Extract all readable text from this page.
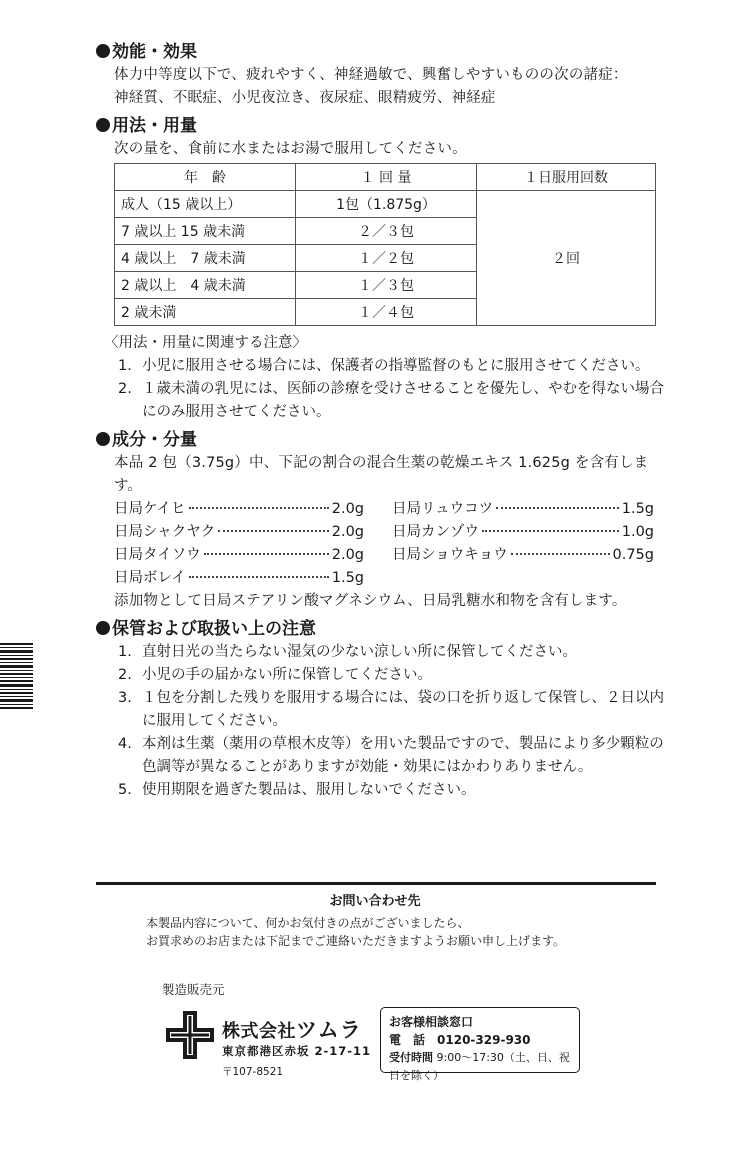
効能・効果

体力中等度以下で、疲れやすく、神経過敏で、興奮しやすいものの次の諸症：

神経質、不眠症、小児夜泣き、夜尿症、眼精疲労、神経症

用法・用量

次の量を、食前に水またはお湯で服用してください。

年　齢	１ 回 量	１日服用回数
成人（15 歳以上）	1包（1.875g）	２回
7 歳以上 15 歳未満	２／３包	
4 歳以上　7 歳未満	１／２包	
2 歳以上　4 歳未満	１／３包	
2 歳未満	１／４包	

〈用法・用量に関連する注意〉

1. 小児に服用させる場合には、保護者の指導監督のもとに服用させてください。
2. １歳未満の乳児には、医師の診療を受けさせることを優先し、やむを得ない場合にのみ服用させてください。
成分・分量

本品 2 包（3.75g）中、下記の割合の混合生薬の乾燥エキス 1.625g を含有します。

日局ケイヒ	2.0g 日局リュウコツ	1.5g
日局シャクヤク	2.0g 日局カンゾウ	1.0g
日局タイソウ	2.0g 日局ショウキョウ	0.75g
日局ボレイ	1.5g

添加物として日局ステアリン酸マグネシウム、日局乳糖水和物を含有します。

保管および取扱い上の注意
1. 直射日光の当たらない湿気の少ない涼しい所に保管してください。
2. 小児の手の届かない所に保管してください。
3. １包を分割した残りを服用する場合には、袋の口を折り返して保管し、２日以内に服用してください。
4. 本剤は生薬（薬用の草根木皮等）を用いた製品ですので、製品により多少顆粒の色調等が異なることがありますが効能・効果にはかわりありません。
5. 使用期限を過ぎた製品は、服用しないでください。
お問い合わせ先
本製品内容について、何かお気付きの点がございましたら、
お買求めのお店または下記までご連絡いただきますようお願い申し上げます。
製造販売元
株式会社ツムラ
東京都港区赤坂 2-17-11
〒107-8521
お客様相談窓口
電　話　 0120-329-930
受付時間 9:00〜17:30（土、日、祝日を除く）
